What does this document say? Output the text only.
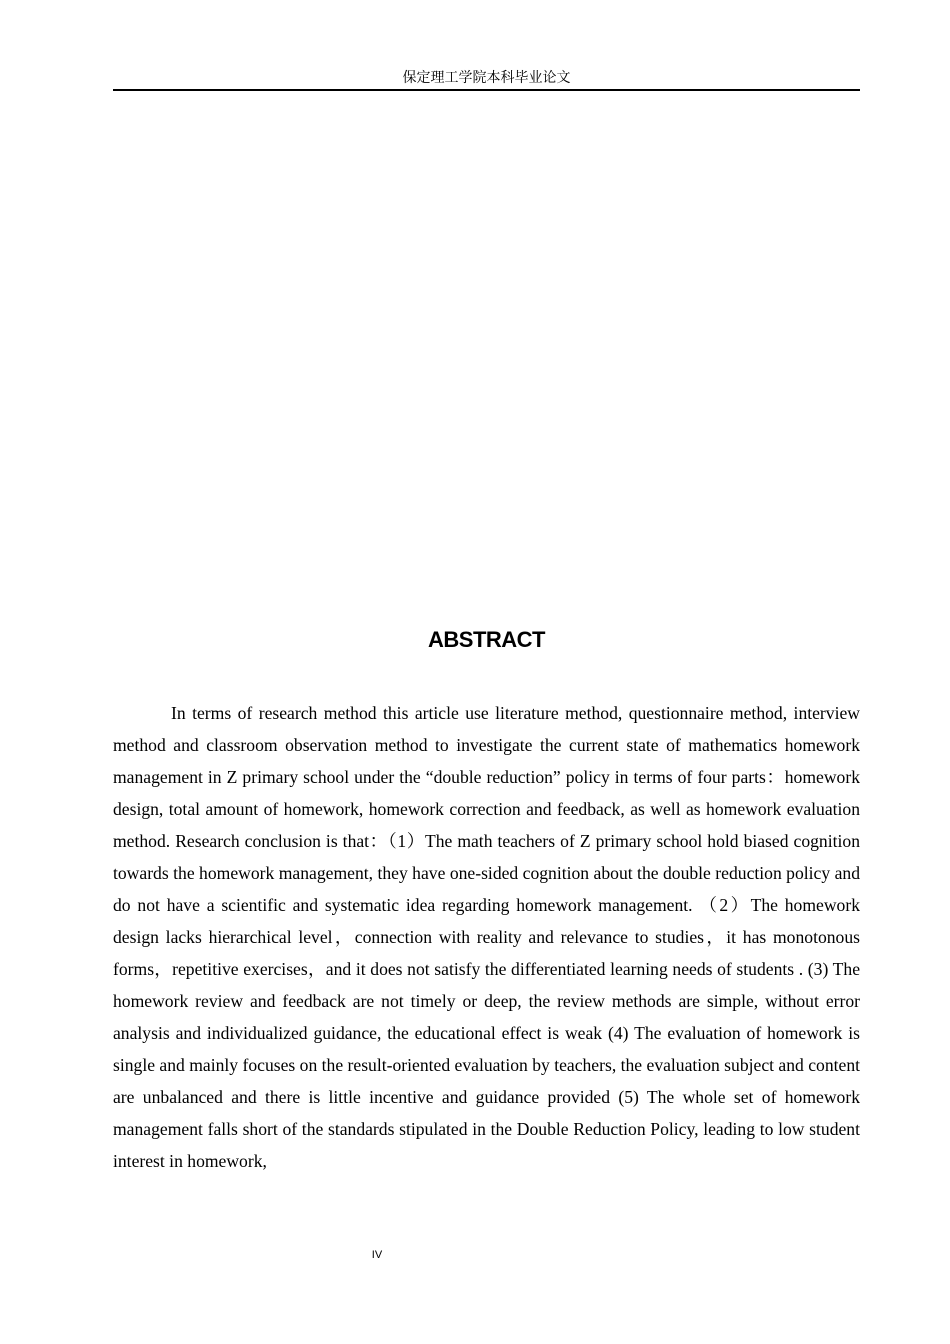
保定理工学院本科毕业论文
ABSTRACT

In terms of research method this article use literature method, questionnaire method, interview method and classroom observation method to investigate the current state of mathematics homework management in Z primary school under the “double reduction” policy in terms of four parts：homework design, total amount of homework, homework correction and feedback, as well as homework evaluation method. Research conclusion is that：（1）The math teachers of Z primary school hold biased cognition towards the homework management, they have one-sided cognition about the double reduction policy and do not have a scientific and systematic idea regarding homework management. （2）The homework design lacks hierarchical level，connection with reality and relevance to studies，it has monotonous forms，repetitive exercises，and it does not satisfy the differentiated learning needs of students . (3) The homework review and feedback are not timely or deep, the review methods are simple, without error analysis and individualized guidance, the educational effect is weak (4) The evaluation of homework is single and mainly focuses on the result-oriented evaluation by teachers, the evaluation subject and content are unbalanced and there is little incentive and guidance provided (5) The whole set of homework management falls short of the standards stipulated in the Double Reduction Policy, leading to low student interest in homework,

IV
